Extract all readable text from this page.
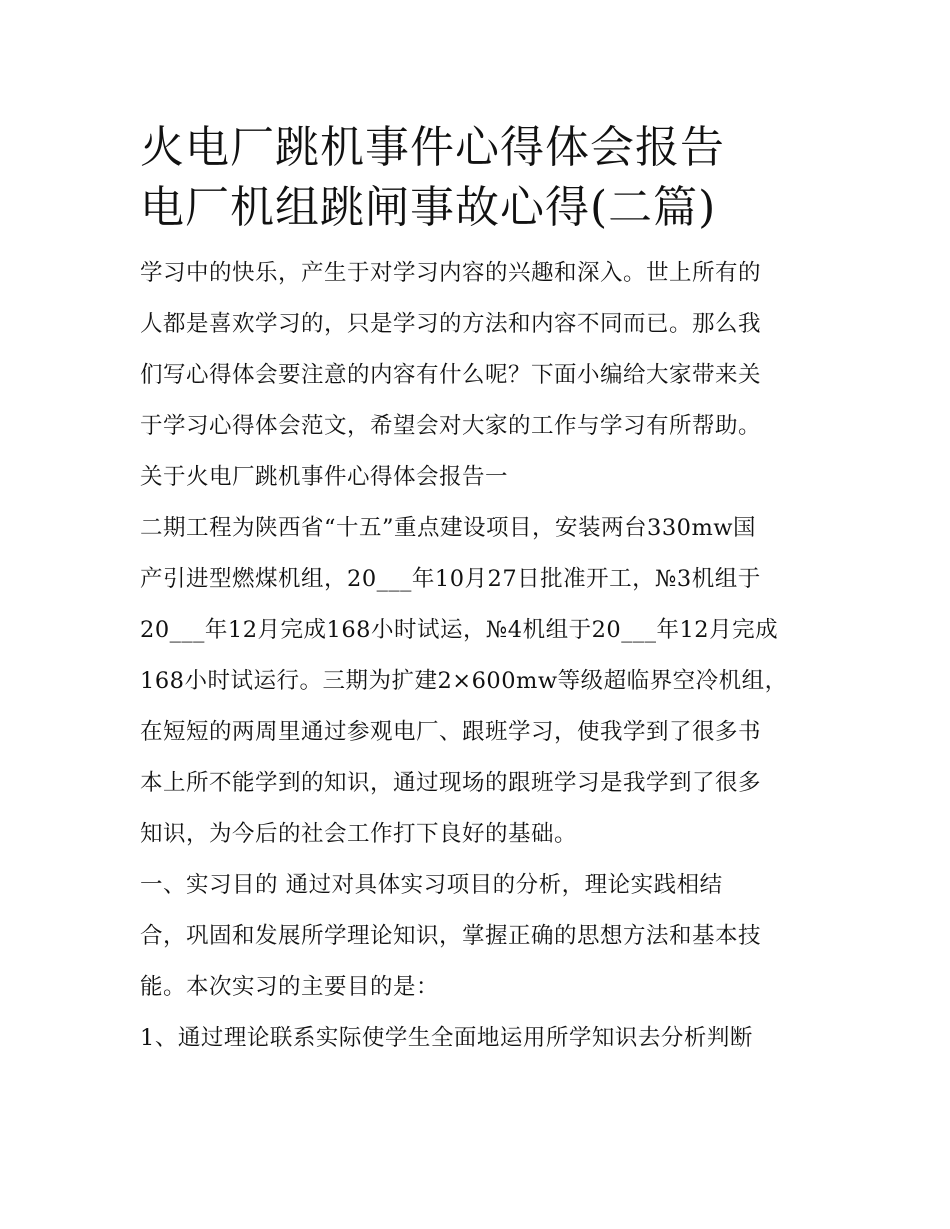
火电厂跳机事件心得体会报告
电厂机组跳闸事故心得(二篇)

学习中的快乐，产生于对学习内容的兴趣和深入。世上所有的

人都是喜欢学习的，只是学习的方法和内容不同而已。那么我

们写心得体会要注意的内容有什么呢？下面小编给大家带来关

于学习心得体会范文，希望会对大家的工作与学习有所帮助。

关于火电厂跳机事件心得体会报告一

二期工程为陕西省“十五”重点建设项目，安装两台330mw国

产引进型燃煤机组，20___年10月27日批准开工，№3机组于

20___年12月完成168小时试运，№4机组于20___年12月完成

168小时试运行。三期为扩建2×600mw等级超临界空冷机组，

在短短的两周里通过参观电厂、跟班学习，使我学到了很多书

本上所不能学到的知识，通过现场的跟班学习是我学到了很多

知识，为今后的社会工作打下良好的基础。

一、实习目的 通过对具体实习项目的分析，理论实践相结

合，巩固和发展所学理论知识，掌握正确的思想方法和基本技

能。本次实习的主要目的是：

1、通过理论联系实际使学生全面地运用所学知识去分析判断
